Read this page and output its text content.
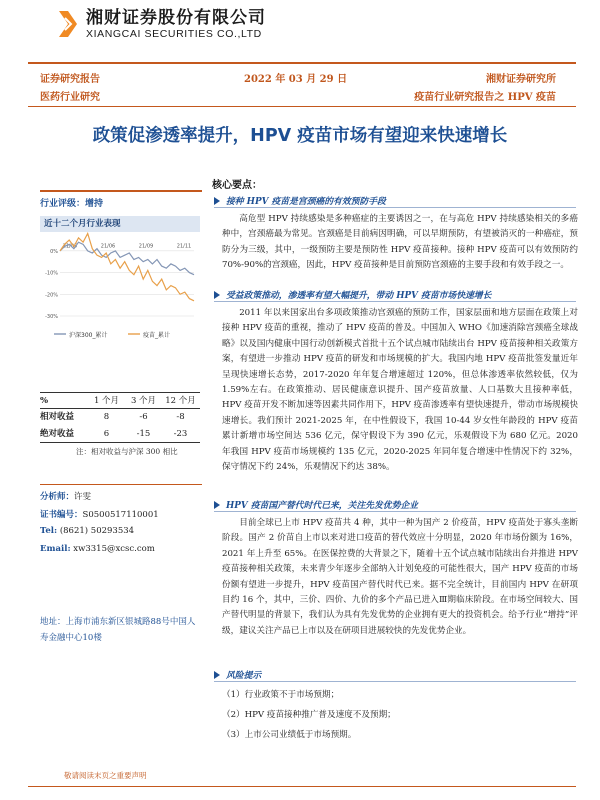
湘财证券股份有限公司
XIANGCAI SECURITIES CO.,LTD
证券研究报告	2022 年 03 月 29 日	湘财证券研究所
医药行业研究	疫苗行业研究报告之 HPV 疫苗
政策促渗透率提升，HPV 疫苗市场有望迎来快速增长
行业评级：增持
近十二个月行业表现
0%
-10%
-20%
-30%
21/05	21/06	21/09	21/11
沪深300_累计	疫苗_累计
%	1 个月	3 个月	12 个月
相对收益	8	-6	-8
绝对收益	6	-15	-23
注：相对收益与沪深 300 相比
分析师：许雯
证书编号：S0500517110001
Tel: (8621) 50293534
Email: xw3315@xcsc.com
地址：上海市浦东新区银城路88号中国人寿金融中心10楼
核心要点：
接种 HPV 疫苗是宫颈癌的有效预防手段
高危型 HPV 持续感染是多种癌症的主要诱因之一，在与高危 HPV 持续感染相关的多癌种中，宫颈癌最为常见。宫颈癌是目前病因明确，可以早期预防，有望被消灭的一种癌症，预防分为三级，其中，一级预防主要是预防性 HPV 疫苗接种。接种 HPV 疫苗可以有效预防约 70%-90%的宫颈癌，因此，HPV 疫苗接种是目前预防宫颈癌的主要手段和有效手段之一。
受益政策推动，渗透率有望大幅提升，带动 HPV 疫苗市场快速增长
2011 年以来国家出台多项政策推动宫颈癌的预防工作，国家层面和地方层面在政策上对接种 HPV 疫苗的重视，推动了 HPV 疫苗的普及。中国加入 WHO《加速消除宫颈癌全球战略》以及国内健康中国行动创新模式首批十五个试点城市陆续出台 HPV 疫苗接种相关政策方案，有望进一步推动 HPV 疫苗的研发和市场规模的扩大。我国内地 HPV 疫苗批签发量近年呈现快速增长态势，2017-2020 年年复合增速超过 120%，但总体渗透率依然较低，仅为 1.59%左右。在政策推动、居民健康意识提升、国产疫苗放量、人口基数大且接种率低，HPV 疫苗开发不断加速等因素共同作用下，HPV 疫苗渗透率有望快速提升，带动市场规模快速增长。我们预计 2021-2025 年，在中性假设下，我国 10-44 岁女性年龄段的 HPV 疫苗累计新增市场空间达 536 亿元，保守假设下为 390 亿元，乐观假设下为 680 亿元。2020 年我国 HPV 疫苗市场规模约 135 亿元，2020-2025 年同年复合增速中性情况下约 32%，保守情况下约 24%，乐观情况下约达 38%。
HPV 疫苗国产替代时代已来，关注先发优势企业
目前全球已上市 HPV 疫苗共 4 种，其中一种为国产 2 价疫苗，HPV 疫苗处于寡头垄断阶段。国产 2 价苗自上市以来对进口疫苗的替代效应十分明显，2020 年市场份额为 16%，2021 年上升至 65%。在医保控费的大背景之下，随着十五个试点城市陆续出台并推进 HPV 疫苗接种相关政策，未来青少年逐步全部纳入计划免疫的可能性很大，国产 HPV 疫苗的市场份额有望进一步提升，HPV 疫苗国产替代时代已来。据不完全统计，目前国内 HPV 在研项目约 16 个，其中，三价、四价、九价的多个产品已进入Ⅲ期临床阶段。在市场空间较大、国产替代明显的背景下，我们认为具有先发优势的企业拥有更大的投资机会。给予行业“增持”评级，建议关注产品已上市以及在研项目进展较快的先发优势企业。
风险提示
（1）行业政策不于市场预期；
（2）HPV 疫苗接种推广普及速度不及预期；
（3）上市公司业绩低于市场预期。
敬请阅读末页之重要声明
